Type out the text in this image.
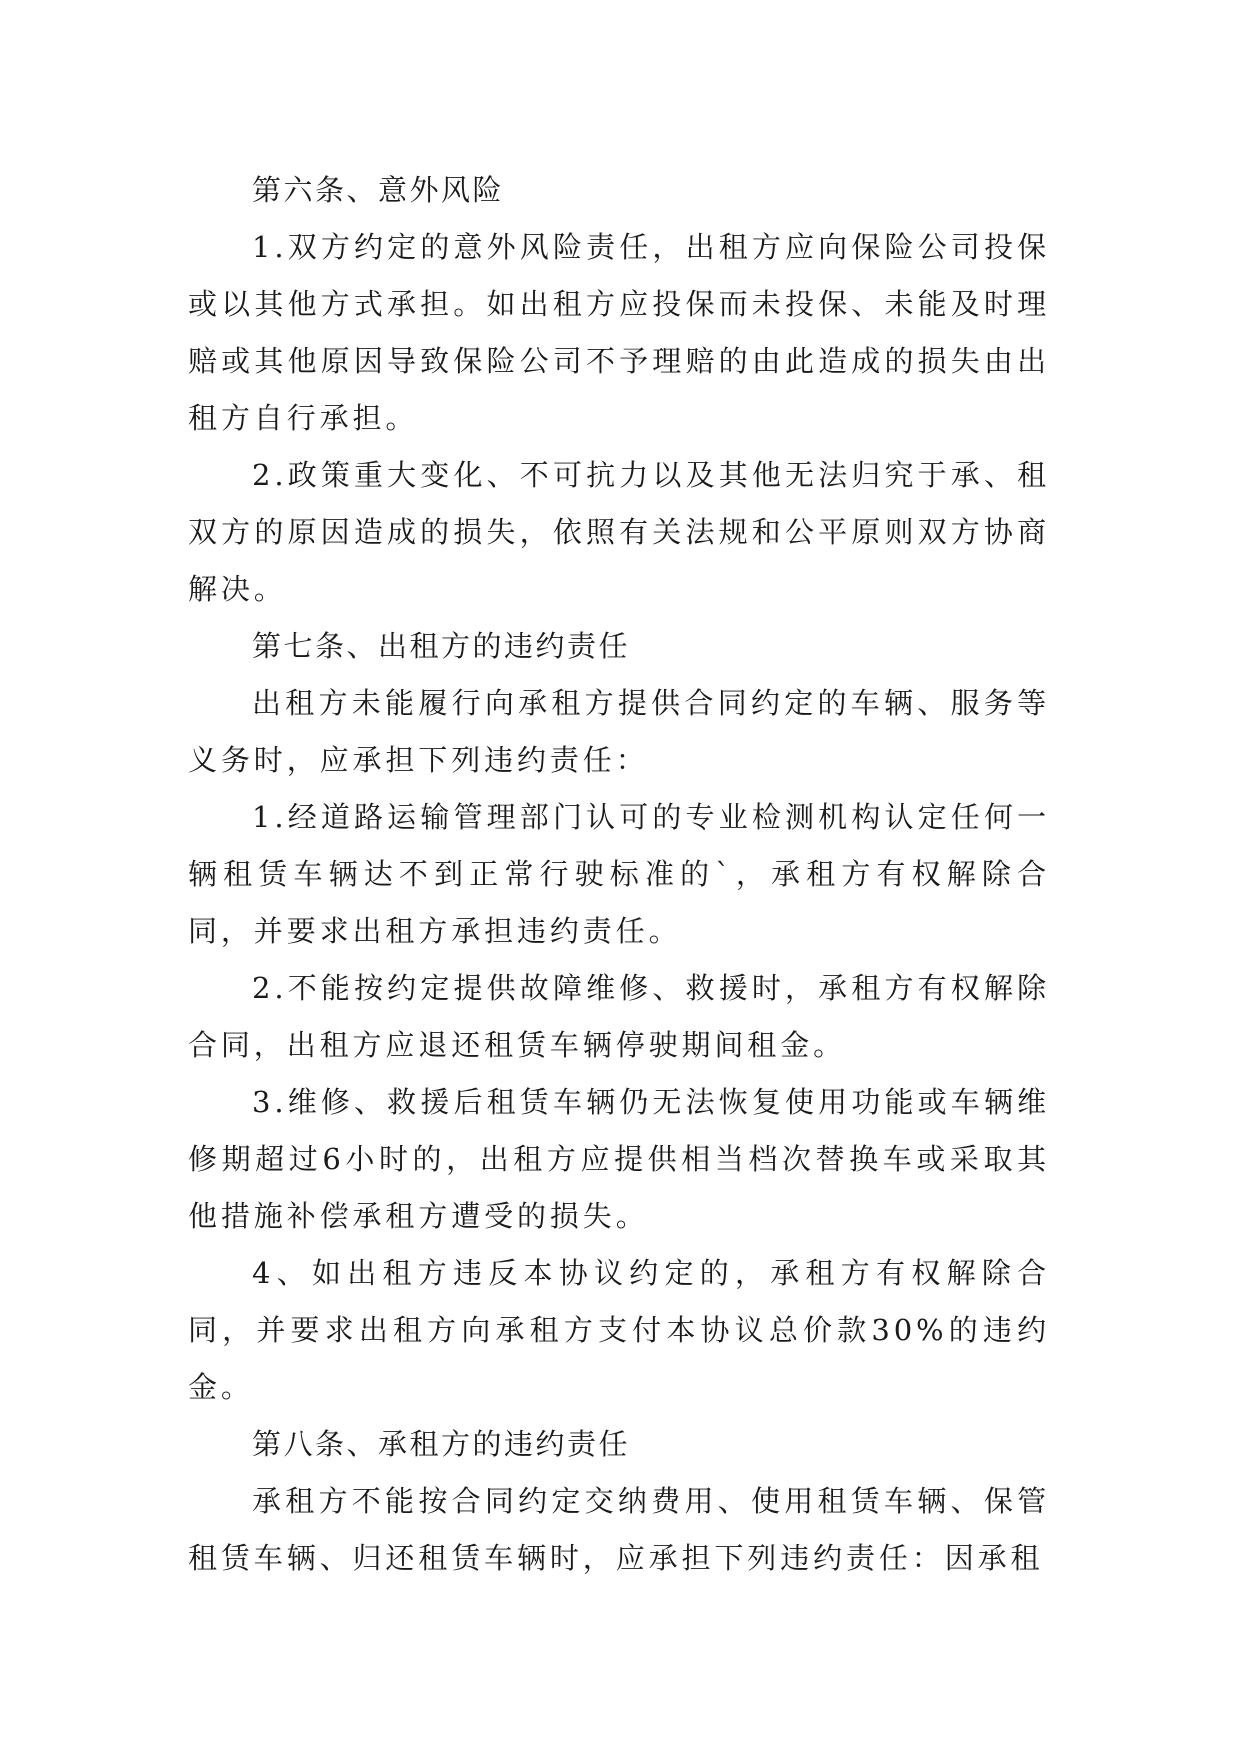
第六条、意外风险

1.双方约定的意外风险责任，出租方应向保险公司投保或以其他方式承担。如出租方应投保而未投保、未能及时理赔或其他原因导致保险公司不予理赔的由此造成的损失由出租方自行承担。

2.政策重大变化、不可抗力以及其他无法归究于承、租双方的原因造成的损失，依照有关法规和公平原则双方协商解决。

第七条、出租方的违约责任

出租方未能履行向承租方提供合同约定的车辆、服务等义务时，应承担下列违约责任：

1.经道路运输管理部门认可的专业检测机构认定任何一辆租赁车辆达不到正常行驶标准的`，承租方有权解除合同，并要求出租方承担违约责任。

2.不能按约定提供故障维修、救援时，承租方有权解除合同，出租方应退还租赁车辆停驶期间租金。

3.维修、救援后租赁车辆仍无法恢复使用功能或车辆维修期超过6小时的，出租方应提供相当档次替换车或采取其他措施补偿承租方遭受的损失。

4、如出租方违反本协议约定的，承租方有权解除合同，并要求出租方向承租方支付本协议总价款30%的违约金。

第八条、承租方的违约责任

承租方不能按合同约定交纳费用、使用租赁车辆、保管租赁车辆、归还租赁车辆时，应承担下列违约责任：因承租
